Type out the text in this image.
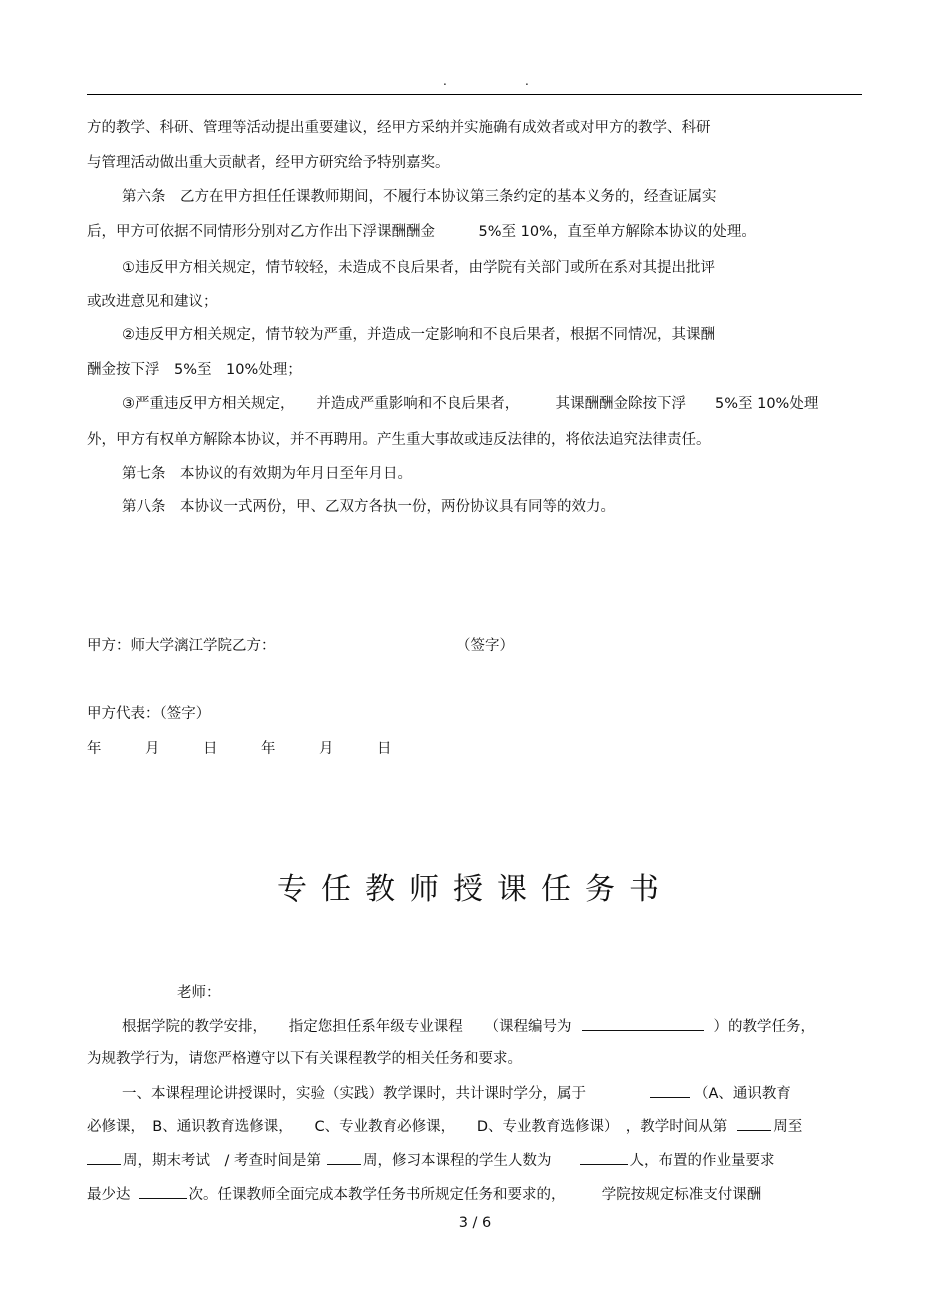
.	.
方的教学、科研、管理等活动提出重要建议，经甲方采纳并实施确有成效者或对甲方的教学、科研
与管理活动做出重大贡献者，经甲方研究给予特别嘉奖。
第六条　乙方在甲方担任任课教师期间，不履行本协议第三条约定的基本义务的，经查证属实
后，甲方可依据不同情形分别对乙方作出下浮课酬酬金　　　5%至 10%，直至单方解除本协议的处理。
①违反甲方相关规定，情节较轻，未造成不良后果者，由学院有关部门或所在系对其提出批评
或改进意见和建议；
②违反甲方相关规定，情节较为严重，并造成一定影响和不良后果者，根据不同情况，其课酬
酬金按下浮　5%至　10%处理；
③严重违反甲方相关规定，　　并造成严重影响和不良后果者，　　　其课酬酬金除按下浮　　5%至 10%处理
外，甲方有权单方解除本协议，并不再聘用。产生重大事故或违反法律的，将依法追究法律责任。
第七条　本协议的有效期为年月日至年月日。
第八条　本协议一式两份，甲、乙双方各执一份，两份协议具有同等的效力。
甲方：师大学漓江学院乙方：	（签字）
甲方代表：（签字）
年　　　月　　　日　　　年　　　月　　　日
专任教师授课任务书
老师：
根据学院的教学安排，　　指定您担任系年级专业课程　　（课程编号为	）的教学任务，
为规教学行为，请您严格遵守以下有关课程教学的相关任务和要求。
一、本课程理论讲授课时，实验（实践）教学课时，共计课时学分，属于	（A、通识教育
必修课，　B、通识教育选修课，　　C、专业教育必修课，　　D、专业教育选修课）　，教学时间从第	周至
周，期末考试　/ 考查时间是第	周，修习本课程的学生人数为	人，布置的作业量要求
最少达	次。任课教师全面完成本教学任务书所规定任务和要求的，　　　学院按规定标准支付课酬
3 / 6
